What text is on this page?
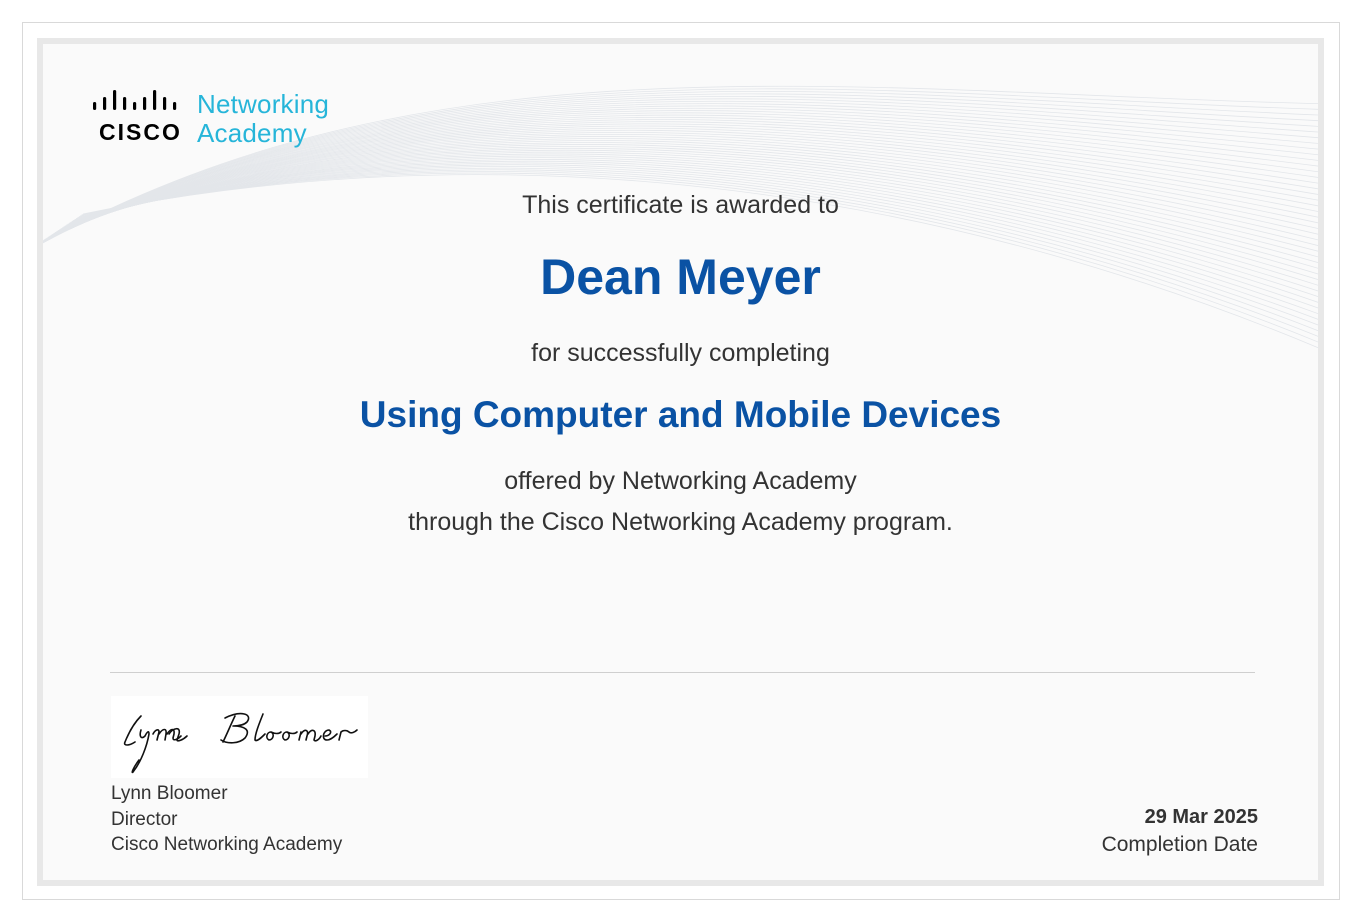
CISCO
Networking
Academy
This certificate is awarded to
Dean Meyer
for successfully completing
Using Computer and Mobile Devices
offered by Networking Academy
through the Cisco Networking Academy program.
Lynn Bloomer
Director
Cisco Networking Academy
29 Mar 2025
Completion Date
